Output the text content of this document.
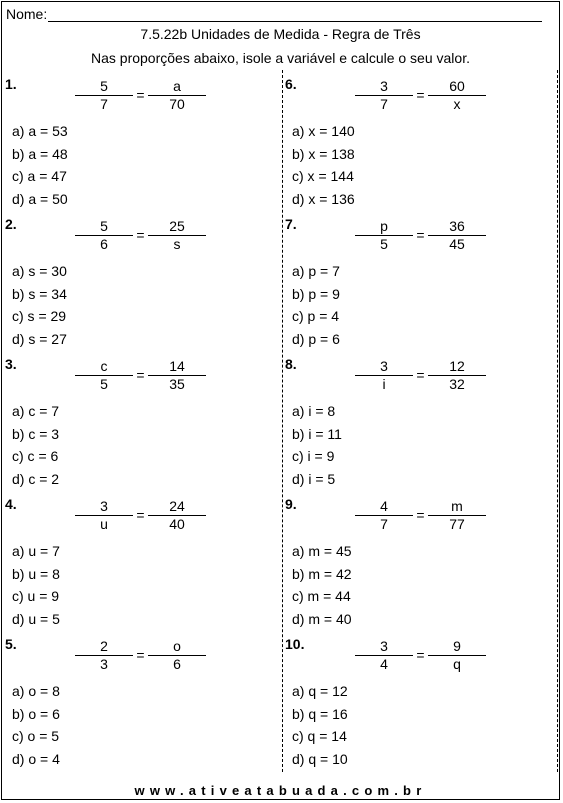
Nome:
7.5.22b Unidades de Medida - Regra de Três
Nas proporções abaixo, isole a variável e calcule o seu valor.
1.	$\frac{5}{7} = \frac{a}{70}$
a) a = 53
b) a = 48
c) a = 47
d) a = 50
2.	$\frac{5}{6} = \frac{25}{s}$
a) s = 30
b) s = 34
c) s = 29
d) s = 27
3.	$\frac{c}{5} = \frac{14}{35}$
a) c = 7
b) c = 3
c) c = 6
d) c = 2
4.	$\frac{3}{u} = \frac{24}{40}$
a) u = 7
b) u = 8
c) u = 9
d) u = 5
5.	$\frac{2}{3} = \frac{o}{6}$
a) o = 8
b) o = 6
c) o = 5
d) o = 4
6.	$\frac{3}{7} = \frac{60}{x}$
a) x = 140
b) x = 138
c) x = 144
d) x = 136
7.	$\frac{p}{5} = \frac{36}{45}$
a) p = 7
b) p = 9
c) p = 4
d) p = 6
8.	$\frac{3}{i} = \frac{12}{32}$
a) i = 8
b) i = 11
c) i = 9
d) i = 5
9.	$\frac{4}{7} = \frac{m}{77}$
a) m = 45
b) m = 42
c) m = 44
d) m = 40
10.	$\frac{3}{4} = \frac{9}{q}$
a) q = 12
b) q = 16
c) q = 14
d) q = 10
www.ativeatabuada.com.br
